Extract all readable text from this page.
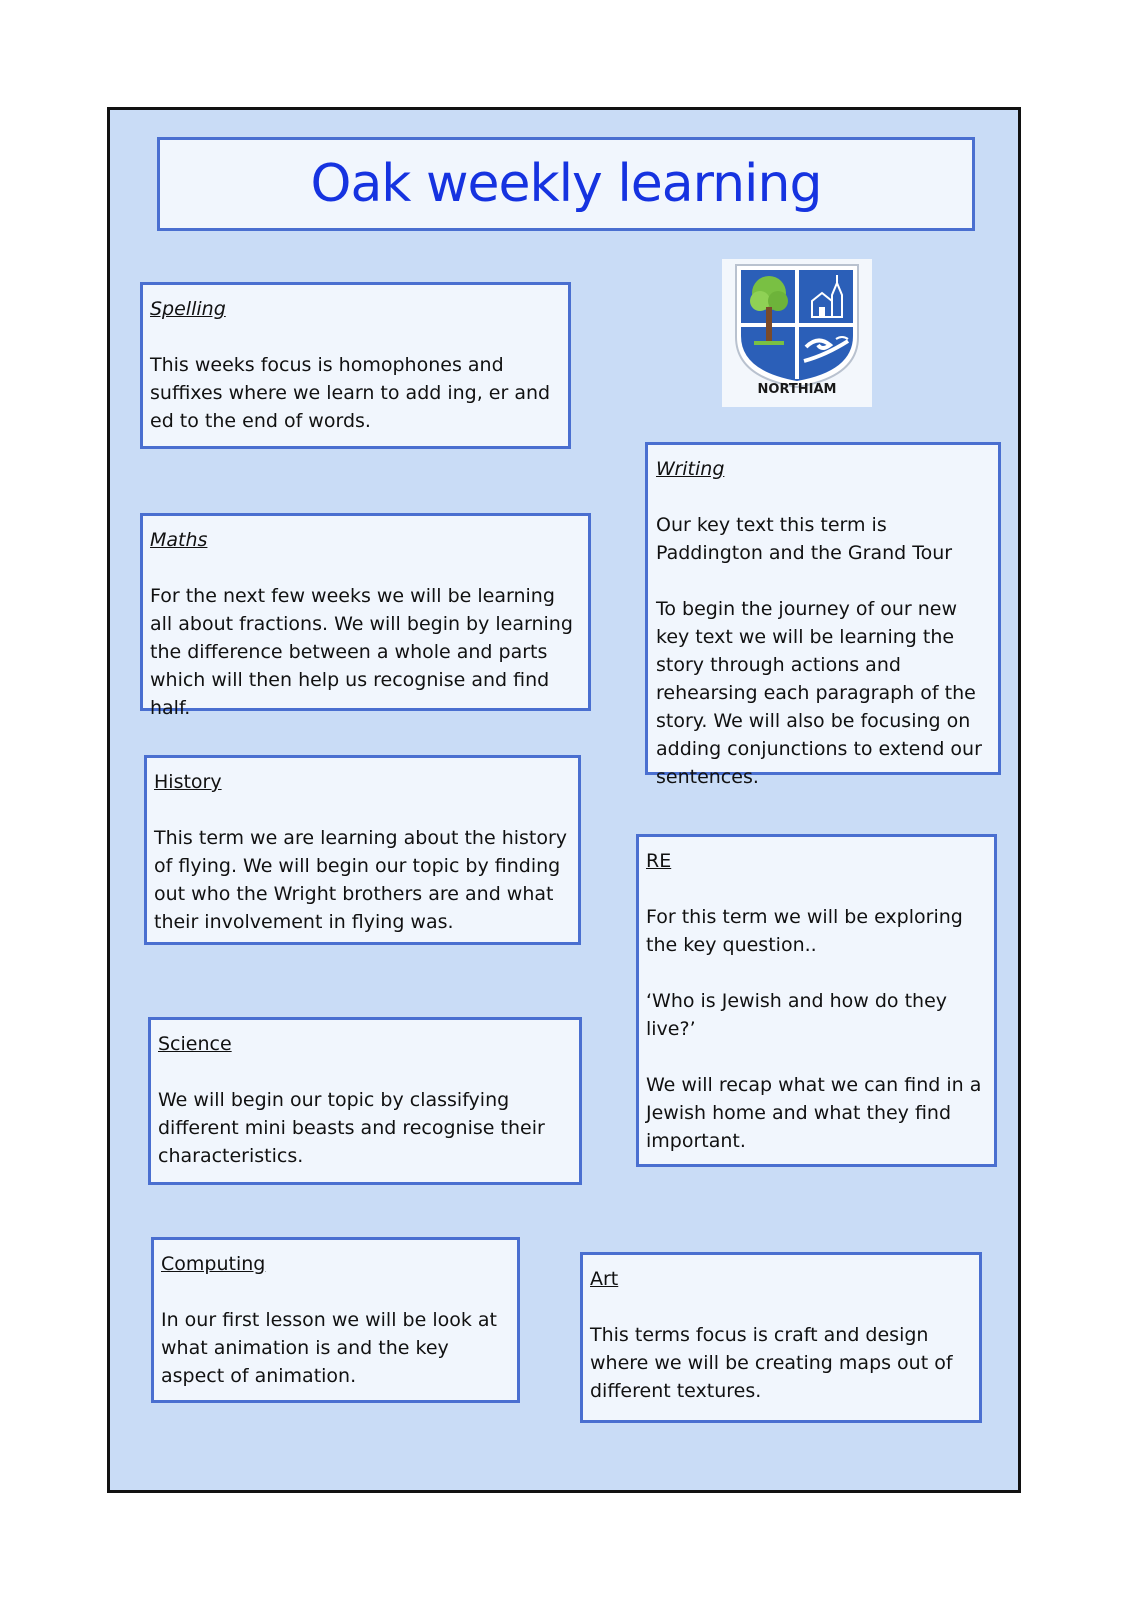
Oak weekly learning
NORTHIAM

Spelling

This weeks focus is homophones and suffixes where we learn to add ing, er and ed to the end of words.

Maths

For the next few weeks we will be learning all about fractions. We will begin by learning the difference between a whole and parts which will then help us recognise and find half.

History

This term we are learning about the history of flying. We will begin our topic by finding out who the Wright brothers are and what their involvement in flying was.

Science

We will begin our topic by classifying different mini beasts and recognise their characteristics.

Computing

In our first lesson we will be look at what animation is and the key aspect of animation.

Writing

Our key text this term is Paddington and the Grand Tour

To begin the journey of our new key text we will be learning the story through actions and rehearsing each paragraph of the story. We will also be focusing on adding conjunctions to extend our sentences.

RE

For this term we will be exploring the key question..

‘Who is Jewish and how do they live?’

We will recap what we can find in a Jewish home and what they find important.

Art

This terms focus is craft and design where we will be creating maps out of different textures.
